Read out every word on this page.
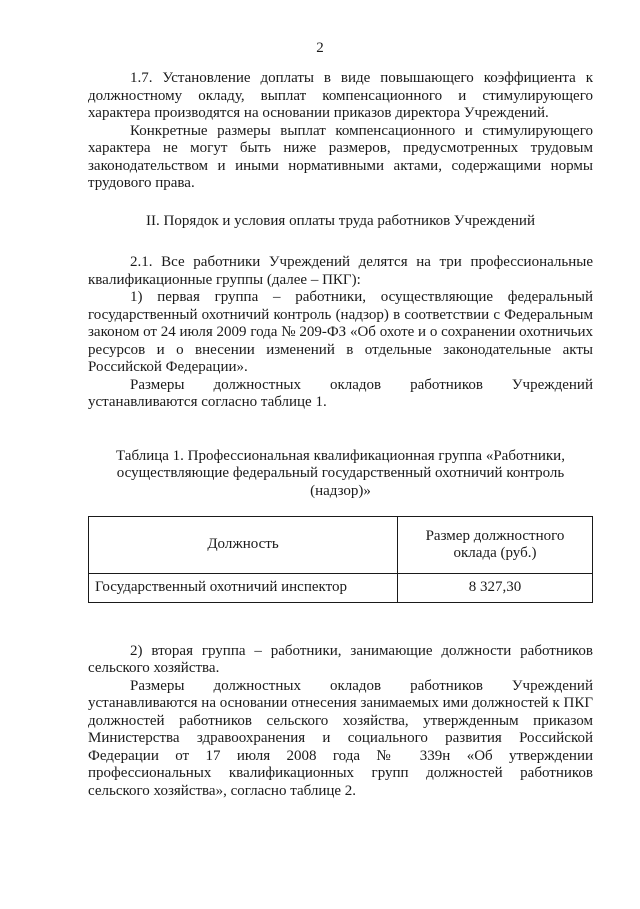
2

1.7. Установление доплаты в виде повышающего коэффициента к должностному окладу, выплат компенсационного и стимулирующего характера производятся на основании приказов директора Учреждений.

Конкретные размеры выплат компенсационного и стимулирующего характера не могут быть ниже размеров, предусмотренных трудовым законодательством и иными нормативными актами, содержащими нормы трудового права.

II. Порядок и условия оплаты труда работников Учреждений

2.1. Все работники Учреждений делятся на три профессиональные квалификационные группы (далее – ПКГ):

1) первая группа – работники, осуществляющие федеральный государственный охотничий контроль (надзор) в соответствии с Федеральным законом от 24 июля 2009 года № 209-ФЗ «Об охоте и о сохранении охотничьих ресурсов и о внесении изменений в отдельные законодательные акты Российской Федерации».

Размеры должностных окладов работников Учреждений устанавливаются согласно таблице 1.

Таблица 1. Профессиональная квалификационная группа «Работники, осуществляющие федеральный государственный охотничий контроль (надзор)»

Должность	Размер должностного оклада (руб.)
Государственный охотничий инспектор	8 327,30

2) вторая группа – работники, занимающие должности работников сельского хозяйства.

Размеры должностных окладов работников Учреждений устанавливаются на основании отнесения занимаемых ими должностей к ПКГ должностей работников сельского хозяйства, утвержденным приказом Министерства здравоохранения и социального развития Российской Федерации от 17 июля 2008 года № 339н «Об утверждении профессиональных квалификационных групп должностей работников сельского хозяйства», согласно таблице 2.
